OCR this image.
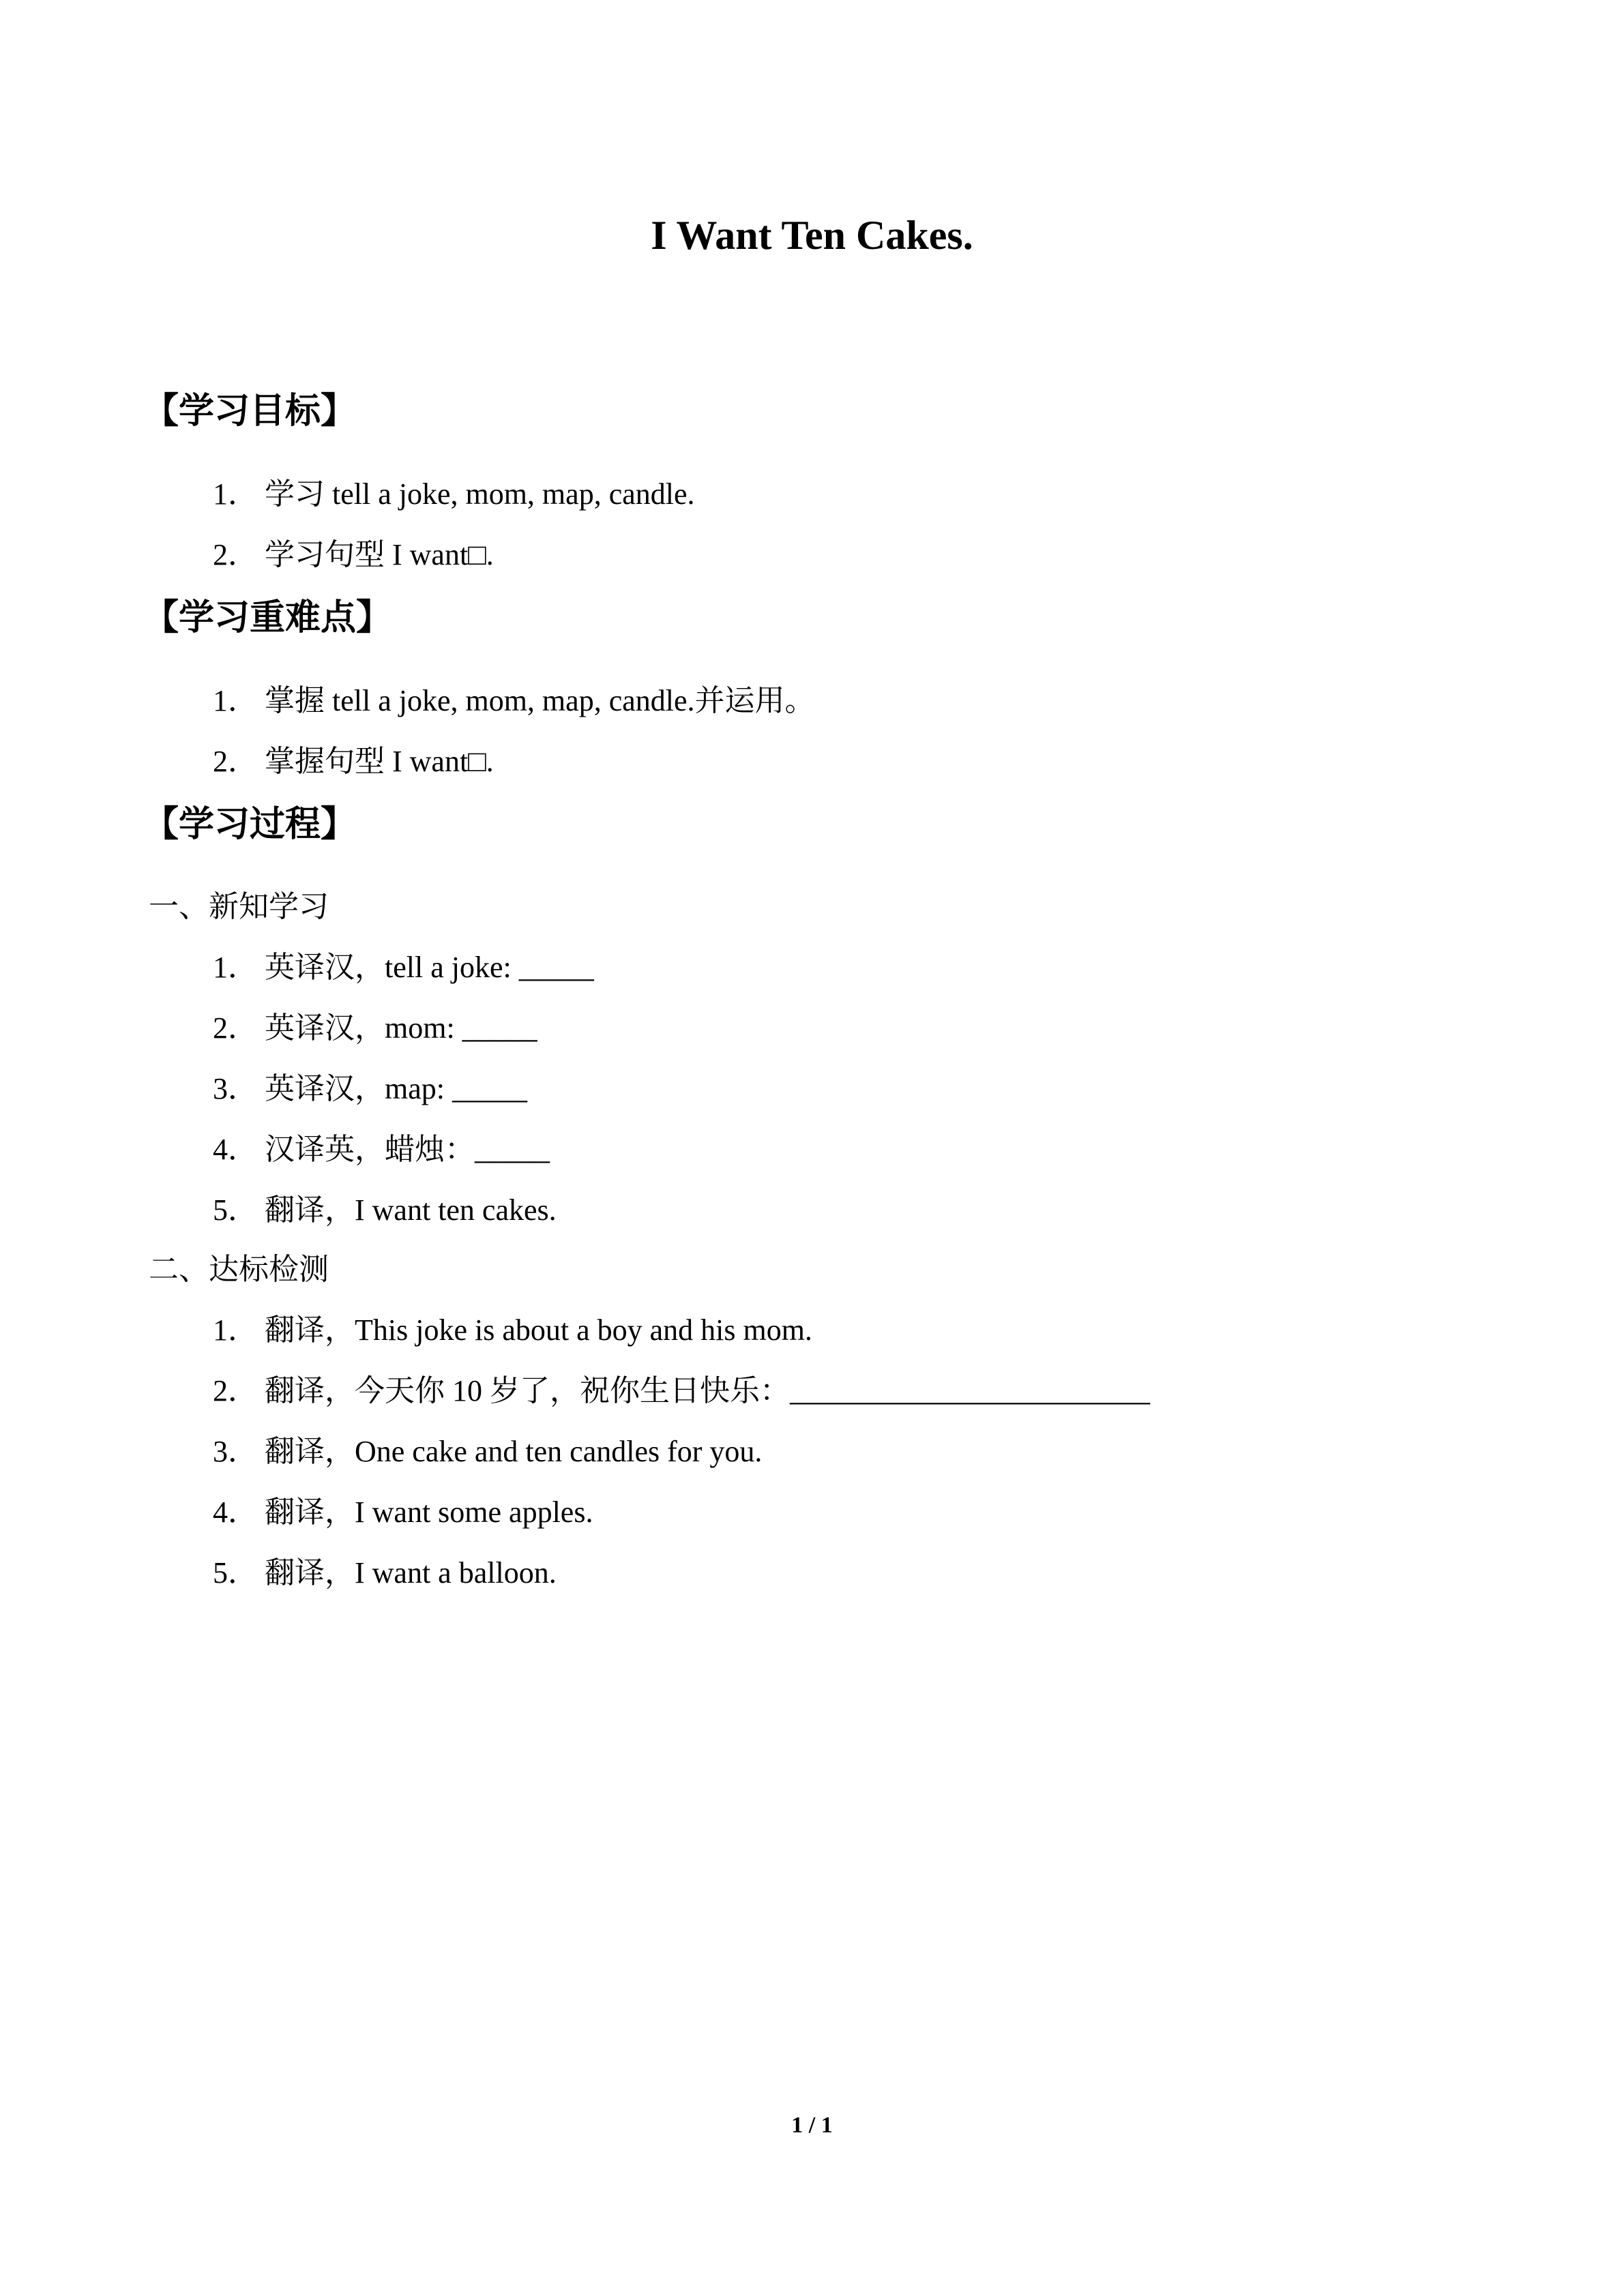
I Want Ten Cakes.
【学习目标】
1． 学习 tell a joke, mom, map, candle.
2． 学习句型 I want□.
【学习重难点】
1． 掌握 tell a joke, mom, map, candle.并运用。
2． 掌握句型 I want□.
【学习过程】
一、新知学习
1． 英译汉，tell a joke: _____
2． 英译汉，mom: _____
3． 英译汉，map: _____
4． 汉译英，蜡烛：_____
5． 翻译，I want ten cakes.
二、达标检测
1． 翻译，This joke is about a boy and his mom.
2． 翻译，今天你 10 岁了，祝你生日快乐：________________________
3． 翻译，One cake and ten candles for you.
4． 翻译，I want some apples.
5． 翻译，I want a balloon.
1 / 1
